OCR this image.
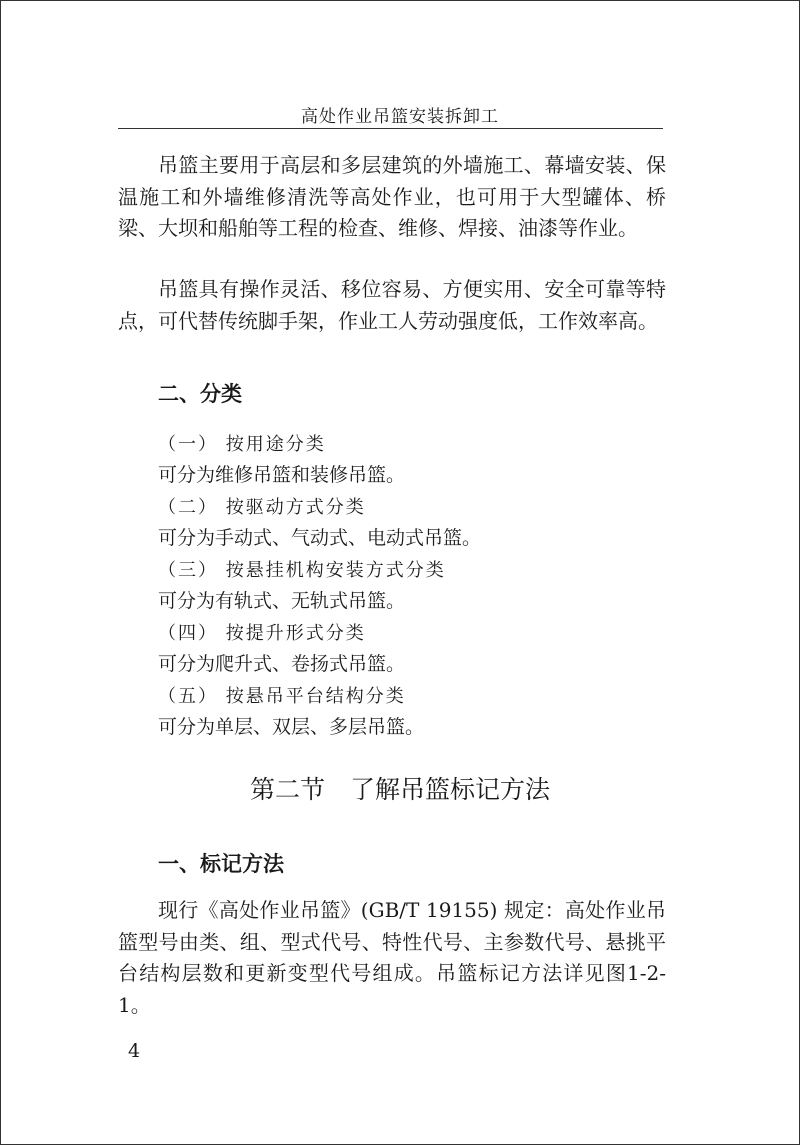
高处作业吊篮安装拆卸工
吊篮主要用于高层和多层建筑的外墙施工、幕墙安装、保温施工和外墙维修清洗等高处作业，也可用于大型罐体、桥梁、大坝和船舶等工程的检查、维修、焊接、油漆等作业。
吊篮具有操作灵活、移位容易、方便实用、安全可靠等特点，可代替传统脚手架，作业工人劳动强度低，工作效率高。
二、分类
（一） 按用途分类
可分为维修吊篮和装修吊篮。
（二） 按驱动方式分类
可分为手动式、气动式、电动式吊篮。
（三） 按悬挂机构安装方式分类
可分为有轨式、无轨式吊篮。
（四） 按提升形式分类
可分为爬升式、卷扬式吊篮。
（五） 按悬吊平台结构分类
可分为单层、双层、多层吊篮。
第二节　了解吊篮标记方法
一、标记方法
现行《高处作业吊篮》(GB/T 19155) 规定：高处作业吊篮型号由类、组、型式代号、特性代号、主参数代号、悬挑平台结构层数和更新变型代号组成。吊篮标记方法详见图1-2-1。
4
